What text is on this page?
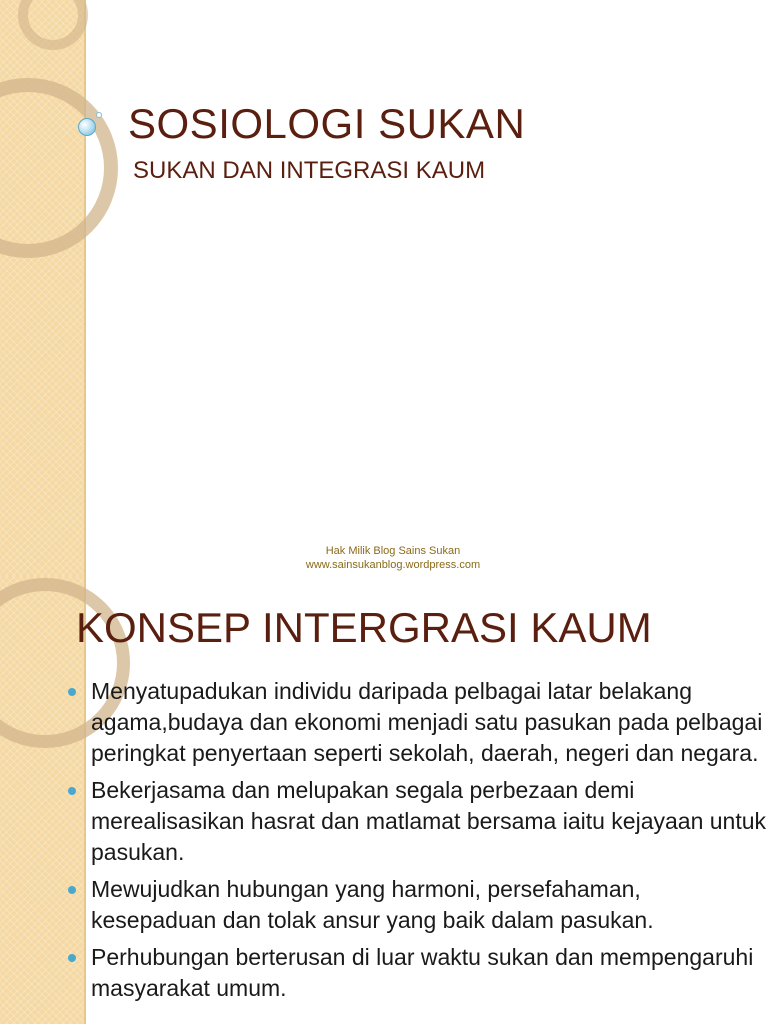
SOSIOLOGI SUKAN
SUKAN DAN INTEGRASI KAUM
Hak Milik Blog Sains Sukan
www.sainsukanblog.wordpress.com
KONSEP INTERGRASI KAUM
Menyatupadukan individu daripada pelbagai latar belakang agama,budaya dan ekonomi menjadi satu pasukan pada pelbagai peringkat penyertaan seperti sekolah, daerah, negeri dan negara.
Bekerjasama dan melupakan segala perbezaan demi merealisasikan hasrat dan matlamat bersama iaitu kejayaan untuk pasukan.
Mewujudkan hubungan yang harmoni, persefahaman, kesepaduan dan tolak ansur yang baik dalam pasukan.
Perhubungan berterusan di luar waktu sukan dan mempengaruhi masyarakat umum.
